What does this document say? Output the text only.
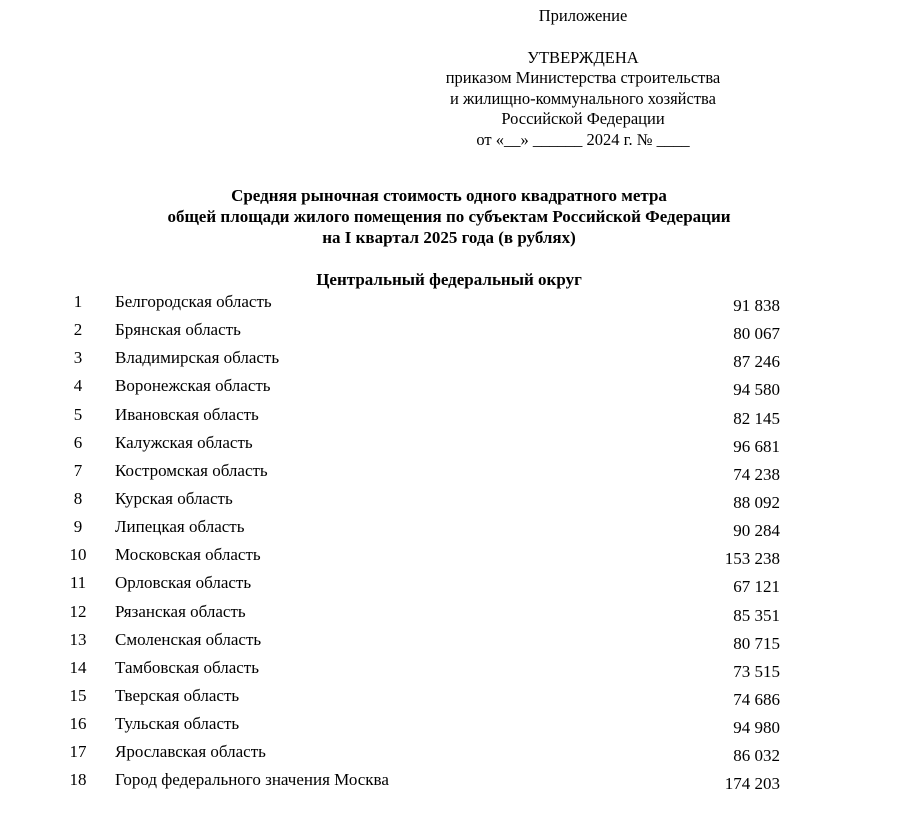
Приложение
УТВЕРЖДЕНА
приказом Министерства строительства
и жилищно-коммунального хозяйства
Российской Федерации
от «__» ______ 2024 г. № ____
Средняя рыночная стоимость одного квадратного метра
общей площади жилого помещения по субъектам Российской Федерации
на I квартал 2025 года (в рублях)
Центральный федеральный округ
1	Белгородская область	91 838
2	Брянская область	80 067
3	Владимирская область	87 246
4	Воронежская область	94 580
5	Ивановская область	82 145
6	Калужская область	96 681
7	Костромская область	74 238
8	Курская область	88 092
9	Липецкая область	90 284
10	Московская область	153 238
11	Орловская область	67 121
12	Рязанская область	85 351
13	Смоленская область	80 715
14	Тамбовская область	73 515
15	Тверская область	74 686
16	Тульская область	94 980
17	Ярославская область	86 032
18	Город федерального значения Москва	174 203
